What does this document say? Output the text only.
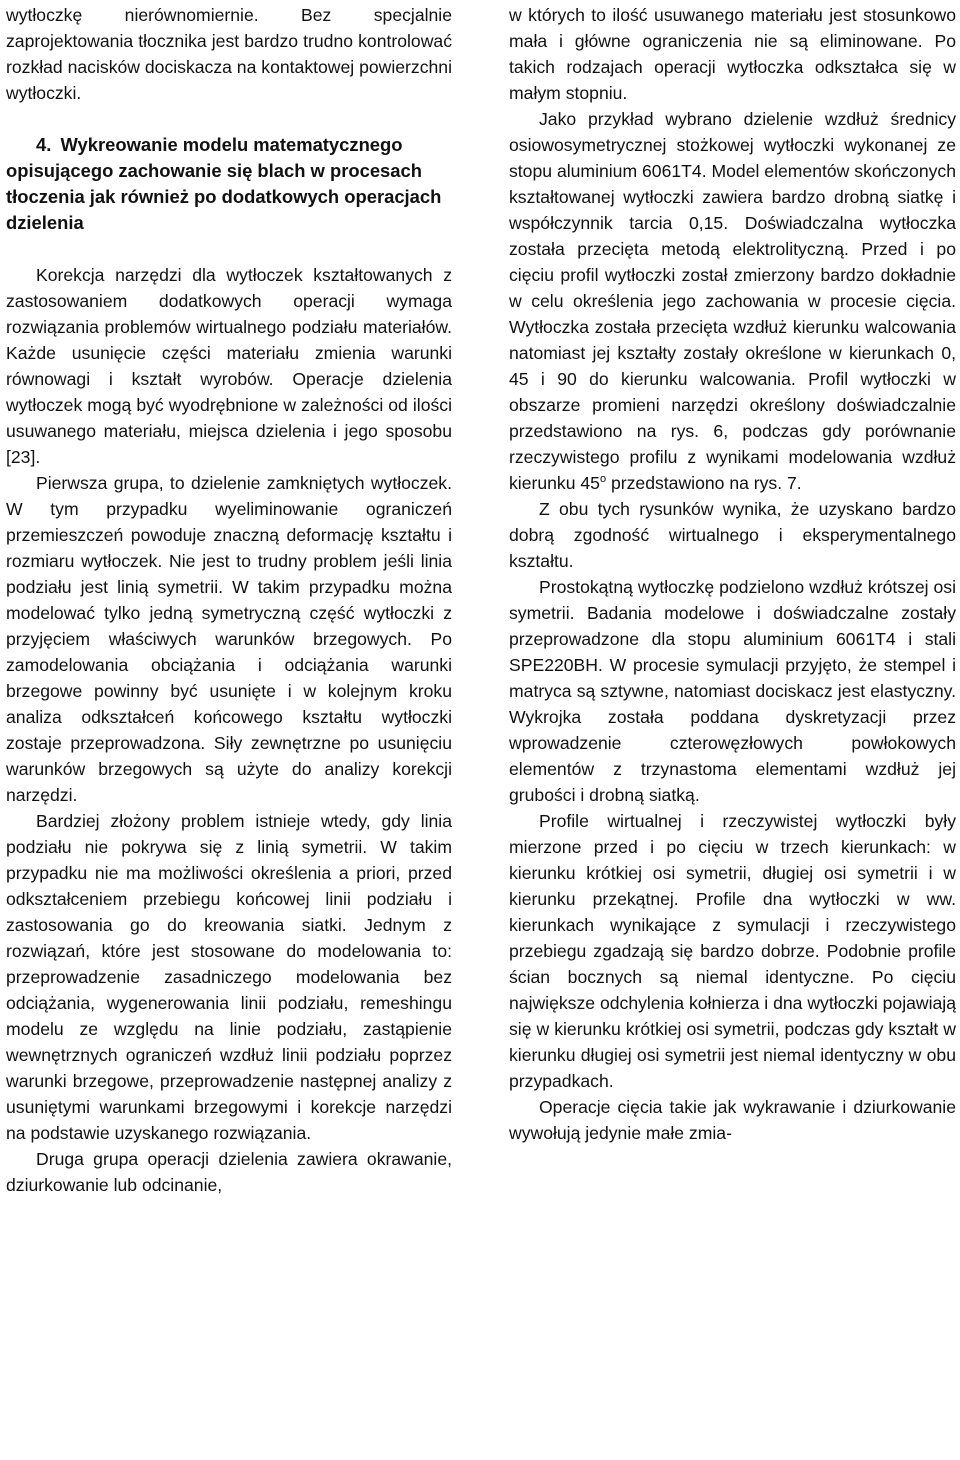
wytłoczkę nierównomiernie. Bez specjalnie zaprojektowania tłocznika jest bardzo trudno kontrolować rozkład nacisków dociskacza na kontaktowej powierzchni wytłoczki.

4. Wykreowanie modelu matematycznego opisującego zachowanie się blach w procesach tłoczenia jak również po dodatkowych operacjach dzielenia

Korekcja narzędzi dla wytłoczek kształtowanych z zastosowaniem dodatkowych operacji wymaga rozwiązania problemów wirtualnego podziału materiałów. Każde usunięcie części materiału zmienia warunki równowagi i kształt wyrobów. Operacje dzielenia wytłoczek mogą być wyodrębnione w zależności od ilości usuwanego materiału, miejsca dzielenia i jego sposobu [23].

Pierwsza grupa, to dzielenie zamkniętych wytłoczek. W tym przypadku wyeliminowanie ograniczeń przemieszczeń powoduje znaczną deformację kształtu i rozmiaru wytłoczek. Nie jest to trudny problem jeśli linia podziału jest linią symetrii. W takim przypadku można modelować tylko jedną symetryczną część wytłoczki z przyjęciem właściwych warunków brzegowych. Po zamodelowania obciążania i odciążania warunki brzegowe powinny być usunięte i w kolejnym kroku analiza odkształceń końcowego kształtu wytłoczki zostaje przeprowadzona. Siły zewnętrzne po usunięciu warunków brzegowych są użyte do analizy korekcji narzędzi.

Bardziej złożony problem istnieje wtedy, gdy linia podziału nie pokrywa się z linią symetrii. W takim przypadku nie ma możliwości określenia a priori, przed odkształceniem przebiegu końcowej linii podziału i zastosowania go do kreowania siatki. Jednym z rozwiązań, które jest stosowane do modelowania to: przeprowadzenie zasadniczego modelowania bez odciążania, wygenerowania linii podziału, remeshingu modelu ze względu na linie podziału, zastąpienie wewnętrznych ograniczeń wzdłuż linii podziału poprzez warunki brzegowe, przeprowadzenie następnej analizy z usuniętymi warunkami brzegowymi i korekcje narzędzi na podstawie uzyskanego rozwiązania.

Druga grupa operacji dzielenia zawiera okrawanie, dziurkowanie lub odcinanie,

w których to ilość usuwanego materiału jest stosunkowo mała i główne ograniczenia nie są eliminowane. Po takich rodzajach operacji wytłoczka odkształca się w małym stopniu.

Jako przykład wybrano dzielenie wzdłuż średnicy osiowosymetrycznej stożkowej wytłoczki wykonanej ze stopu aluminium 6061T4. Model elementów skończonych kształtowanej wytłoczki zawiera bardzo drobną siatkę i współczynnik tarcia 0,15. Doświadczalna wytłoczka została przecięta metodą elektrolityczną. Przed i po cięciu profil wytłoczki został zmierzony bardzo dokładnie w celu określenia jego zachowania w procesie cięcia. Wytłoczka została przecięta wzdłuż kierunku walcowania natomiast jej kształty zostały określone w kierunkach 0, 45 i 90 do kierunku walcowania. Profil wytłoczki w obszarze promieni narzędzi określony doświadczalnie przedstawiono na rys. 6, podczas gdy porównanie rzeczywistego profilu z wynikami modelowania wzdłuż kierunku 45$^o$ przedstawiono na rys. 7.

Z obu tych rysunków wynika, że uzyskano bardzo dobrą zgodność wirtualnego i eksperymentalnego kształtu.

Prostokątną wytłoczkę podzielono wzdłuż krótszej osi symetrii. Badania modelowe i doświadczalne zostały przeprowadzone dla stopu aluminium 6061T4 i stali SPE220BH. W procesie symulacji przyjęto, że stempel i matryca są sztywne, natomiast dociskacz jest elastyczny. Wykrojka została poddana dyskretyzacji przez wprowadzenie czterowęzłowych powłokowych elementów z trzynastoma elementami wzdłuż jej grubości i drobną siatką.

Profile wirtualnej i rzeczywistej wytłoczki były mierzone przed i po cięciu w trzech kierunkach: w kierunku krótkiej osi symetrii, długiej osi symetrii i w kierunku przekątnej. Profile dna wytłoczki w ww. kierunkach wynikające z symulacji i rzeczywistego przebiegu zgadzają się bardzo dobrze. Podobnie profile ścian bocznych są niemal identyczne. Po cięciu największe odchylenia kołnierza i dna wytłoczki pojawiają się w kierunku krótkiej osi symetrii, podczas gdy kształt w kierunku długiej osi symetrii jest niemal identyczny w obu przypadkach.

Operacje cięcia takie jak wykrawanie i dziurkowanie wywołują jedynie małe zmia-
